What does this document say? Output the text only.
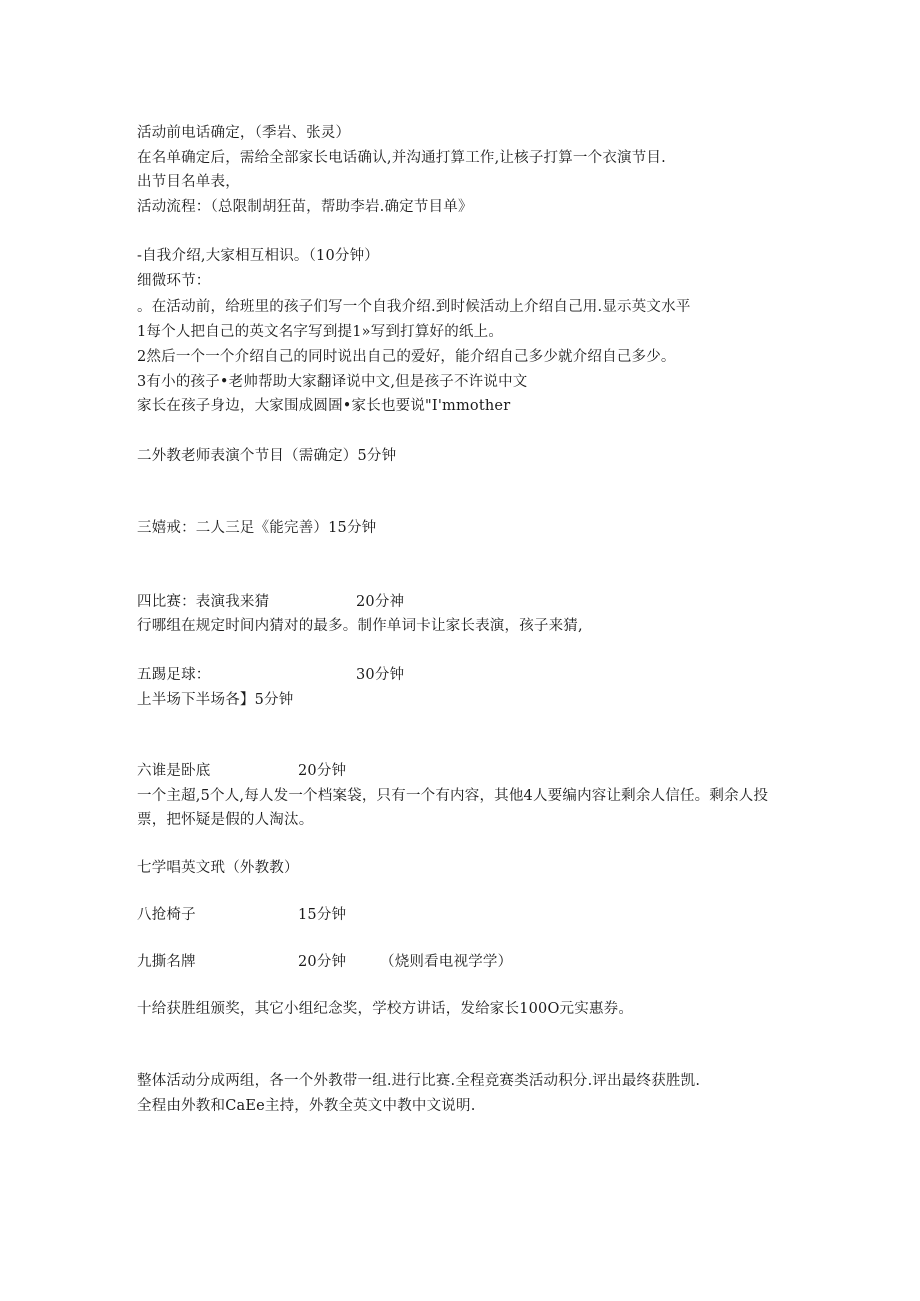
活动前电话确定，（季岩、张灵）
在名单确定后，需给全部家长电话确认,并沟通打算工作,让核子打算一个衣演节目.
出节目名单表，
活动流程：（总限制胡狂苗，帮助李岩.确定节目单》
-自我介绍,大家相互相识。（10分钟）
细微环节：
。在活动前，给班里的孩子们写一个自我介绍.到时候活动上介绍自己用.显示英文水平
1每个人把自己的英文名字写到提1»写到打算好的纸上。
2然后一个一个介绍自己的同时说出自己的爱好，能介绍自己多少就介绍自己多少。
3有小的孩子•老帅帮助大家翻译说中文,但是孩子不许说中文
家长在孩子身边，大家围成圆圄•家长也要说"I'mmother
二外教老师表演个节目（需确定）5分钟
三嬉戒：二人三足《能完善）15分钟
四比赛：表演我来猜	20分神
行哪组在规定时间内猜对的最多。制作单词卡让家长表演，孩子来猜,
五踢足球：	30分钟
上半场下半场各】5分钟
六谁是卧底	20分钟
一个主超,5个人,每人发一个档案袋，只有一个有内容，其他4人要编内容让剩余人信任。剩余人投票，把怀疑是假的人淘汰。
七学唱英文玳（外教教）
八抢椅子	15分钟
九撕名牌	20分钟 （烧则看电视学学）
十给获胜组颁奖，其它小组纪念奖，学校方讲话，发给家长100O元实惠券。
整体活动分成两组，各一个外教带一组.进行比赛.全程竞赛类活动积分.评出最终获胜凯.
全程由外教和CaEe主持，外教全英文中教中文说明.
